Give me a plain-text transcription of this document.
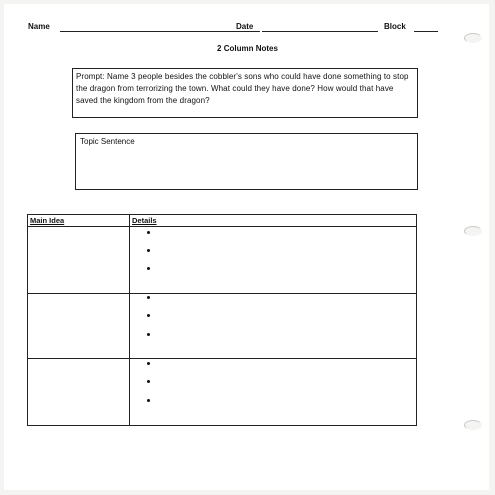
Name	Date	Block
2 Column Notes
Prompt: Name 3 people besides the cobbler's sons who could have done something to stop the dragon from terrorizing the town. What could they have done? How would that have saved the kingdom from the dragon?
Topic Sentence
Main Idea	Details
